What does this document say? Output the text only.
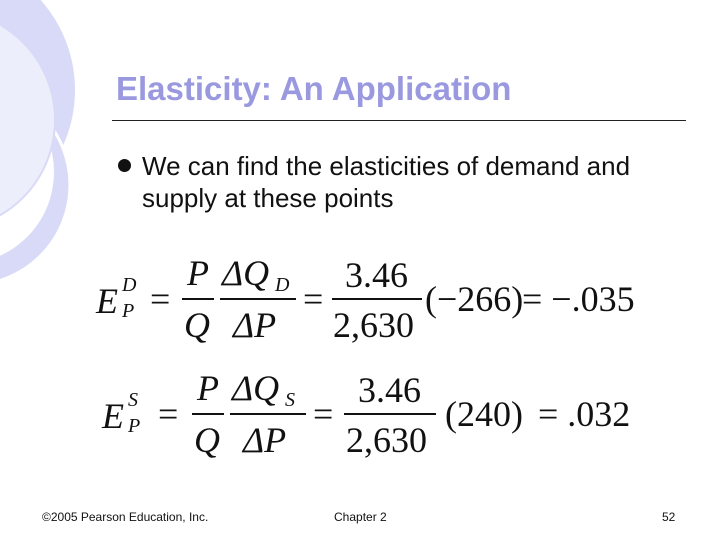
Elasticity: An Application
We can find the elasticities of demand and supply at these points
E D
P =
P
Q
ΔQ D
ΔP
=
3.46
2,630
(−266)
= −.035
E S
P =
P
Q
ΔQ S
ΔP
=
3.46
2,630
(240) = .032
©2005 Pearson Education, Inc.	Chapter 2	52
